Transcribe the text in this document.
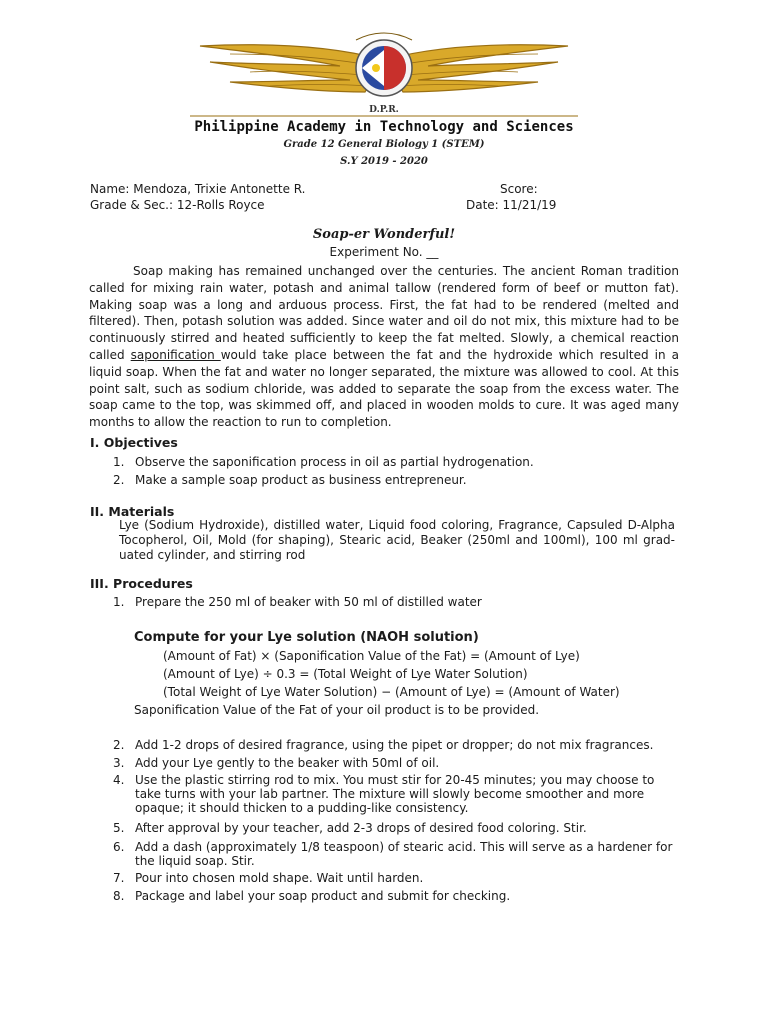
D.P.R.
Philippine Academy in Technology and Sciences
Grade 12 General Biology 1 (STEM)
S.Y 2019 - 2020
Name: Mendoza, Trixie Antonette R.
Grade & Sec.: 12-Rolls Royce
Score:
Date: 11/21/19
Soap-er Wonderful!
Experiment No. __

Soap making has remained unchanged over the centuries. The ancient Roman tradition called for mixing rain water, potash and animal tallow (rendered form of beef or mutton fat). Making soap was a long and arduous process. First, the fat had to be rendered (melted and filtered). Then, potash solution was added. Since water and oil do not mix, this mixture had to be continuously stirred and heated sufficiently to keep the fat melted. Slowly, a chemical reaction called saponification would take place between the fat and the hydroxide which resulted in a liquid soap. When the fat and water no longer separated, the mixture was allowed to cool. At this point salt, such as sodium chloride, was added to separate the soap from the excess water. The soap came to the top, was skimmed off, and placed in wooden molds to cure. It was aged many months to allow the reaction to run to completion.

I. Objectives
1. Observe the saponification process in oil as partial hydrogenation.
2. Make a sample soap product as business entrepreneur.
II. Materials

Lye (Sodium Hydroxide), distilled water, Liquid food coloring, Fragrance, Capsuled D-Alpha Tocopherol, Oil, Mold (for shaping), Stearic acid, Beaker (250ml and 100ml), 100 ml grad-uated cylinder, and stirring rod

III. Procedures
1. Prepare the 250 ml of beaker with 50 ml of distilled water
Compute for your Lye solution (NAOH solution)
(Amount of Fat) × (Saponification Value of the Fat) = (Amount of Lye)
(Amount of Lye) ÷ 0.3 = (Total Weight of Lye Water Solution)
(Total Weight of Lye Water Solution) − (Amount of Lye) = (Amount of Water)
Saponification Value of the Fat of your oil product is to be provided.
2. Add 1-2 drops of desired fragrance, using the pipet or dropper; do not mix fragrances.
3. Add your Lye gently to the beaker with 50ml of oil.
4. Use the plastic stirring rod to mix. You must stir for 20-45 minutes; you may choose to take turns with your lab partner. The mixture will slowly become smoother and more opaque; it should thicken to a pudding-like consistency.
5. After approval by your teacher, add 2-3 drops of desired food coloring. Stir.
6. Add a dash (approximately 1/8 teaspoon) of stearic acid. This will serve as a hardener for the liquid soap. Stir.
7. Pour into chosen mold shape. Wait until harden.
8. Package and label your soap product and submit for checking.
